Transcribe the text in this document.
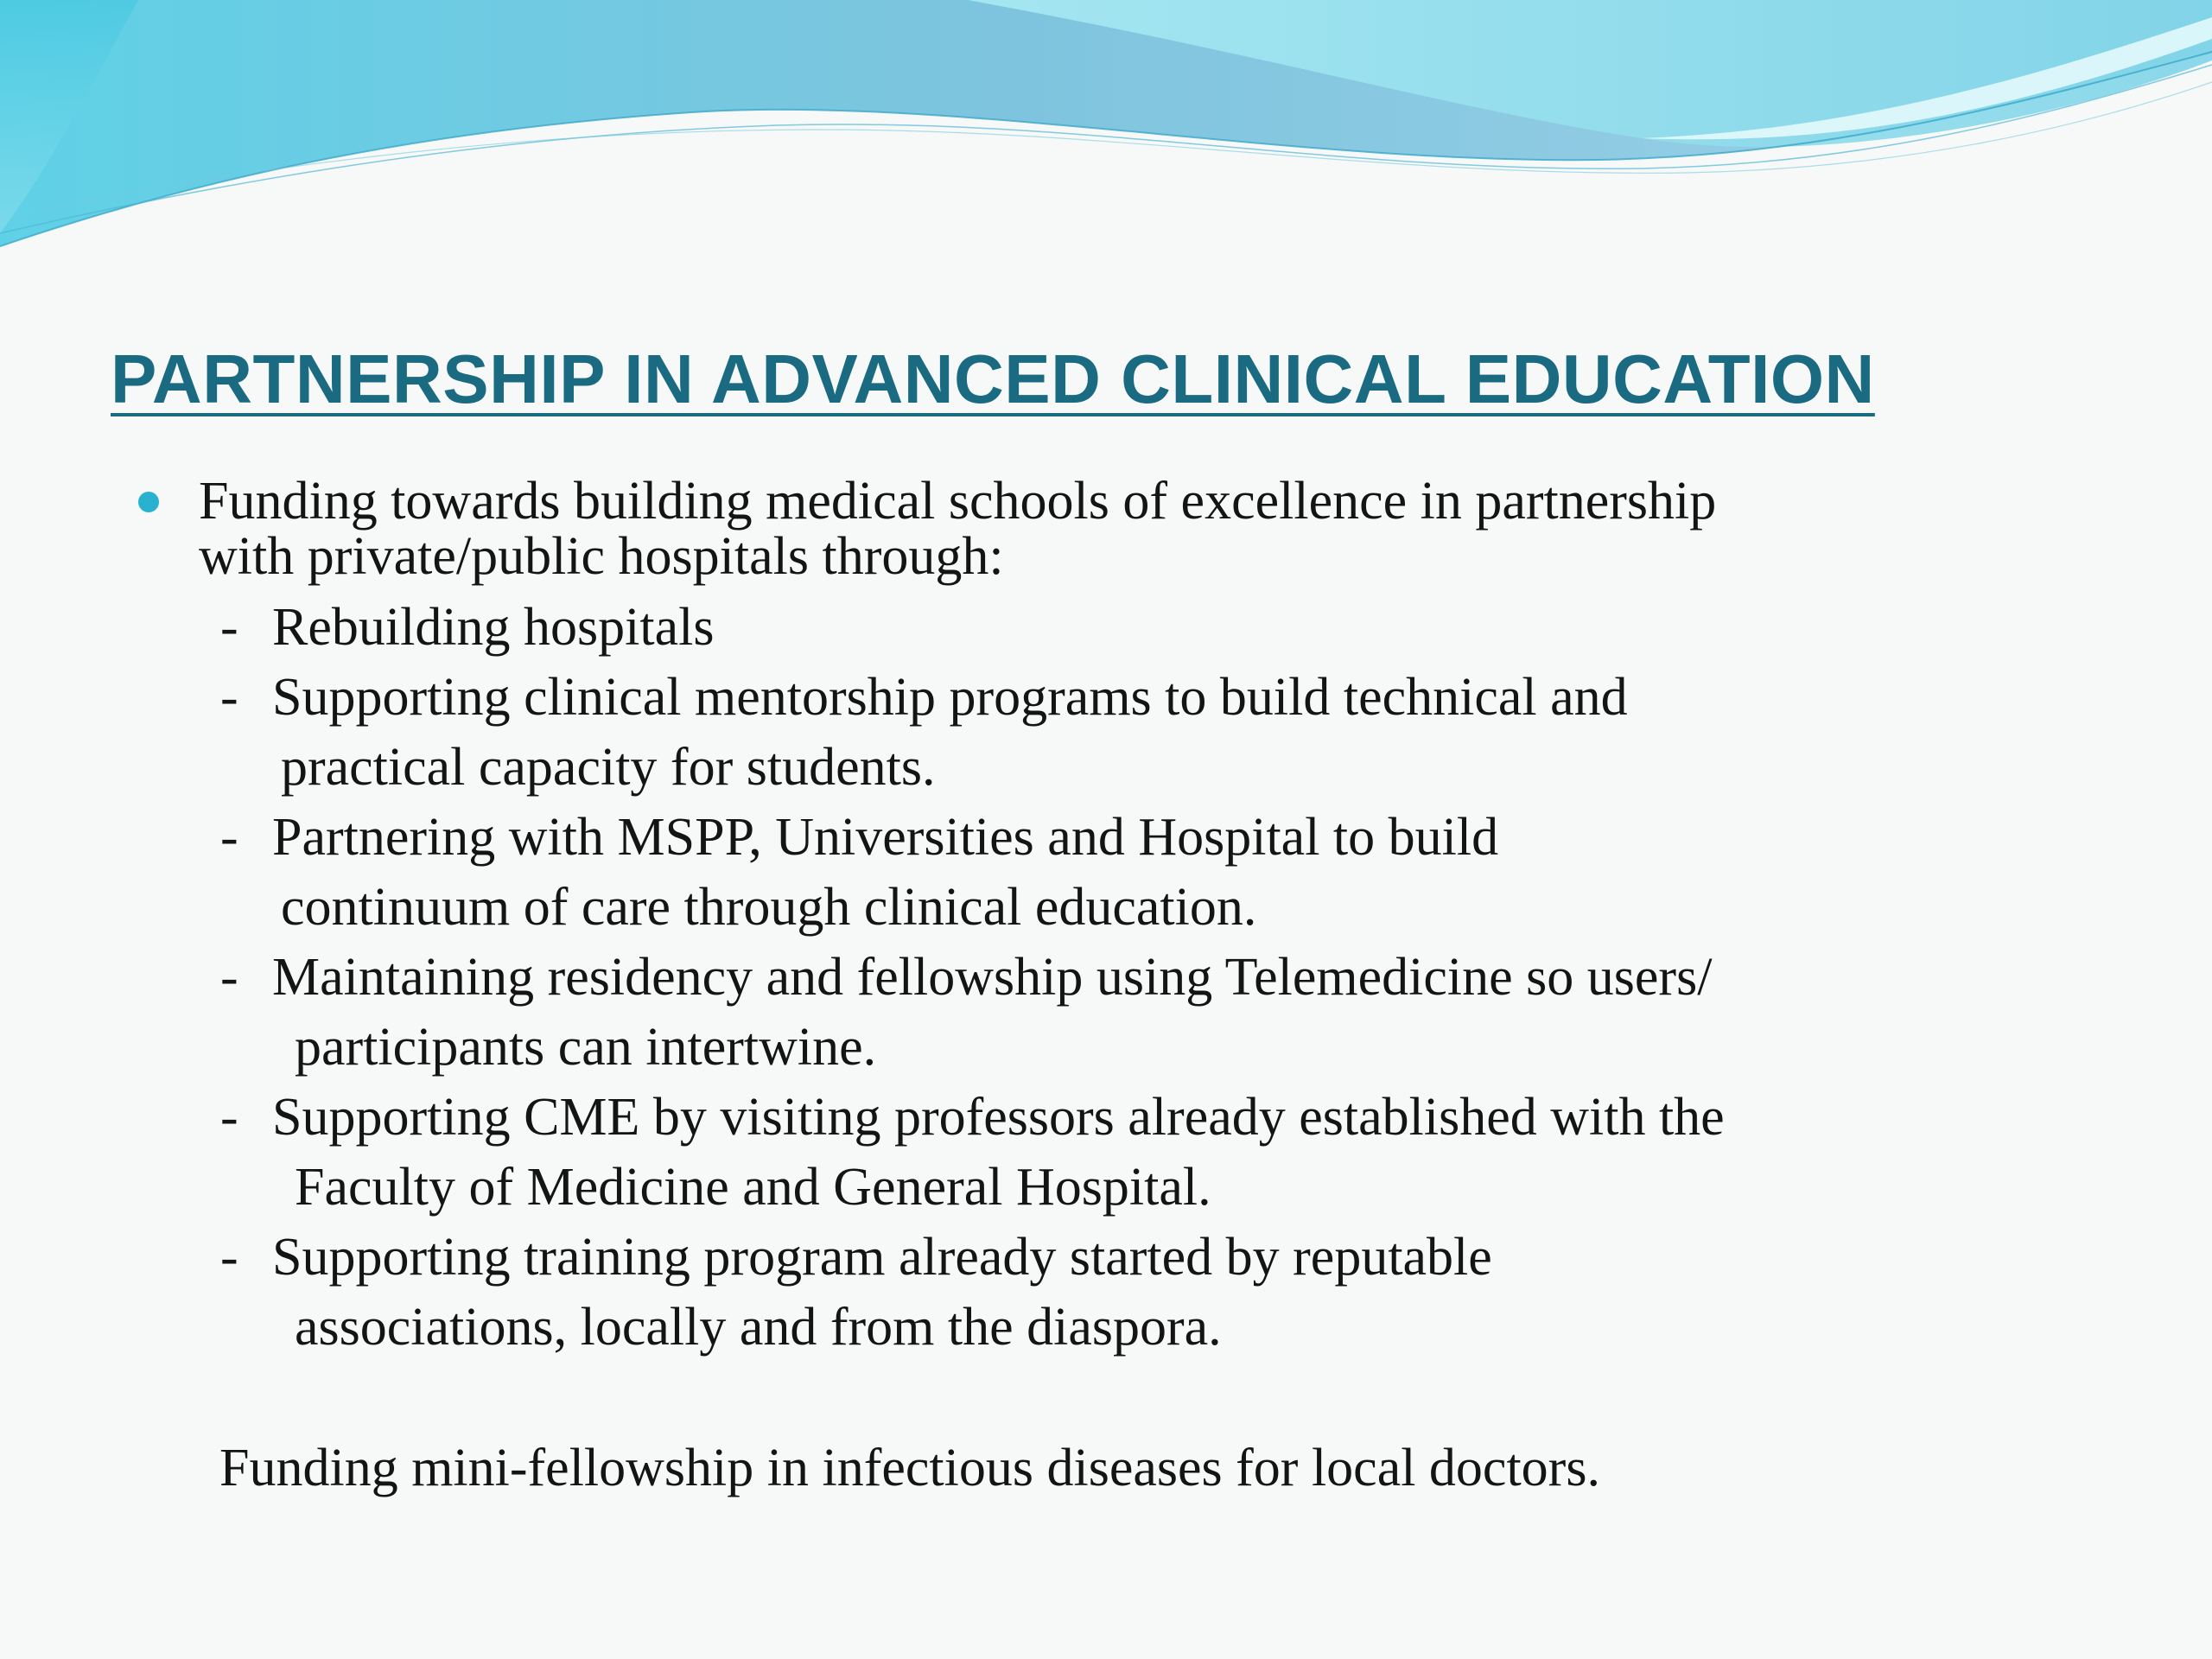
PARTNERSHIP IN ADVANCED CLINICAL EDUCATION
Funding towards building medical schools of excellence in partnership
with private/public hospitals through:
- Rebuilding hospitals
- Supporting clinical mentorship programs to build technical and
practical capacity for students.
- Partnering with MSPP, Universities and Hospital to build
continuum of care through clinical education.
- Maintaining residency and fellowship using Telemedicine so users/
participants can intertwine.
- Supporting CME by visiting professors already established with the
Faculty of Medicine and General Hospital.
- Supporting training program already started by reputable
associations, locally and from the diaspora.
Funding mini-fellowship in infectious diseases for local doctors.
